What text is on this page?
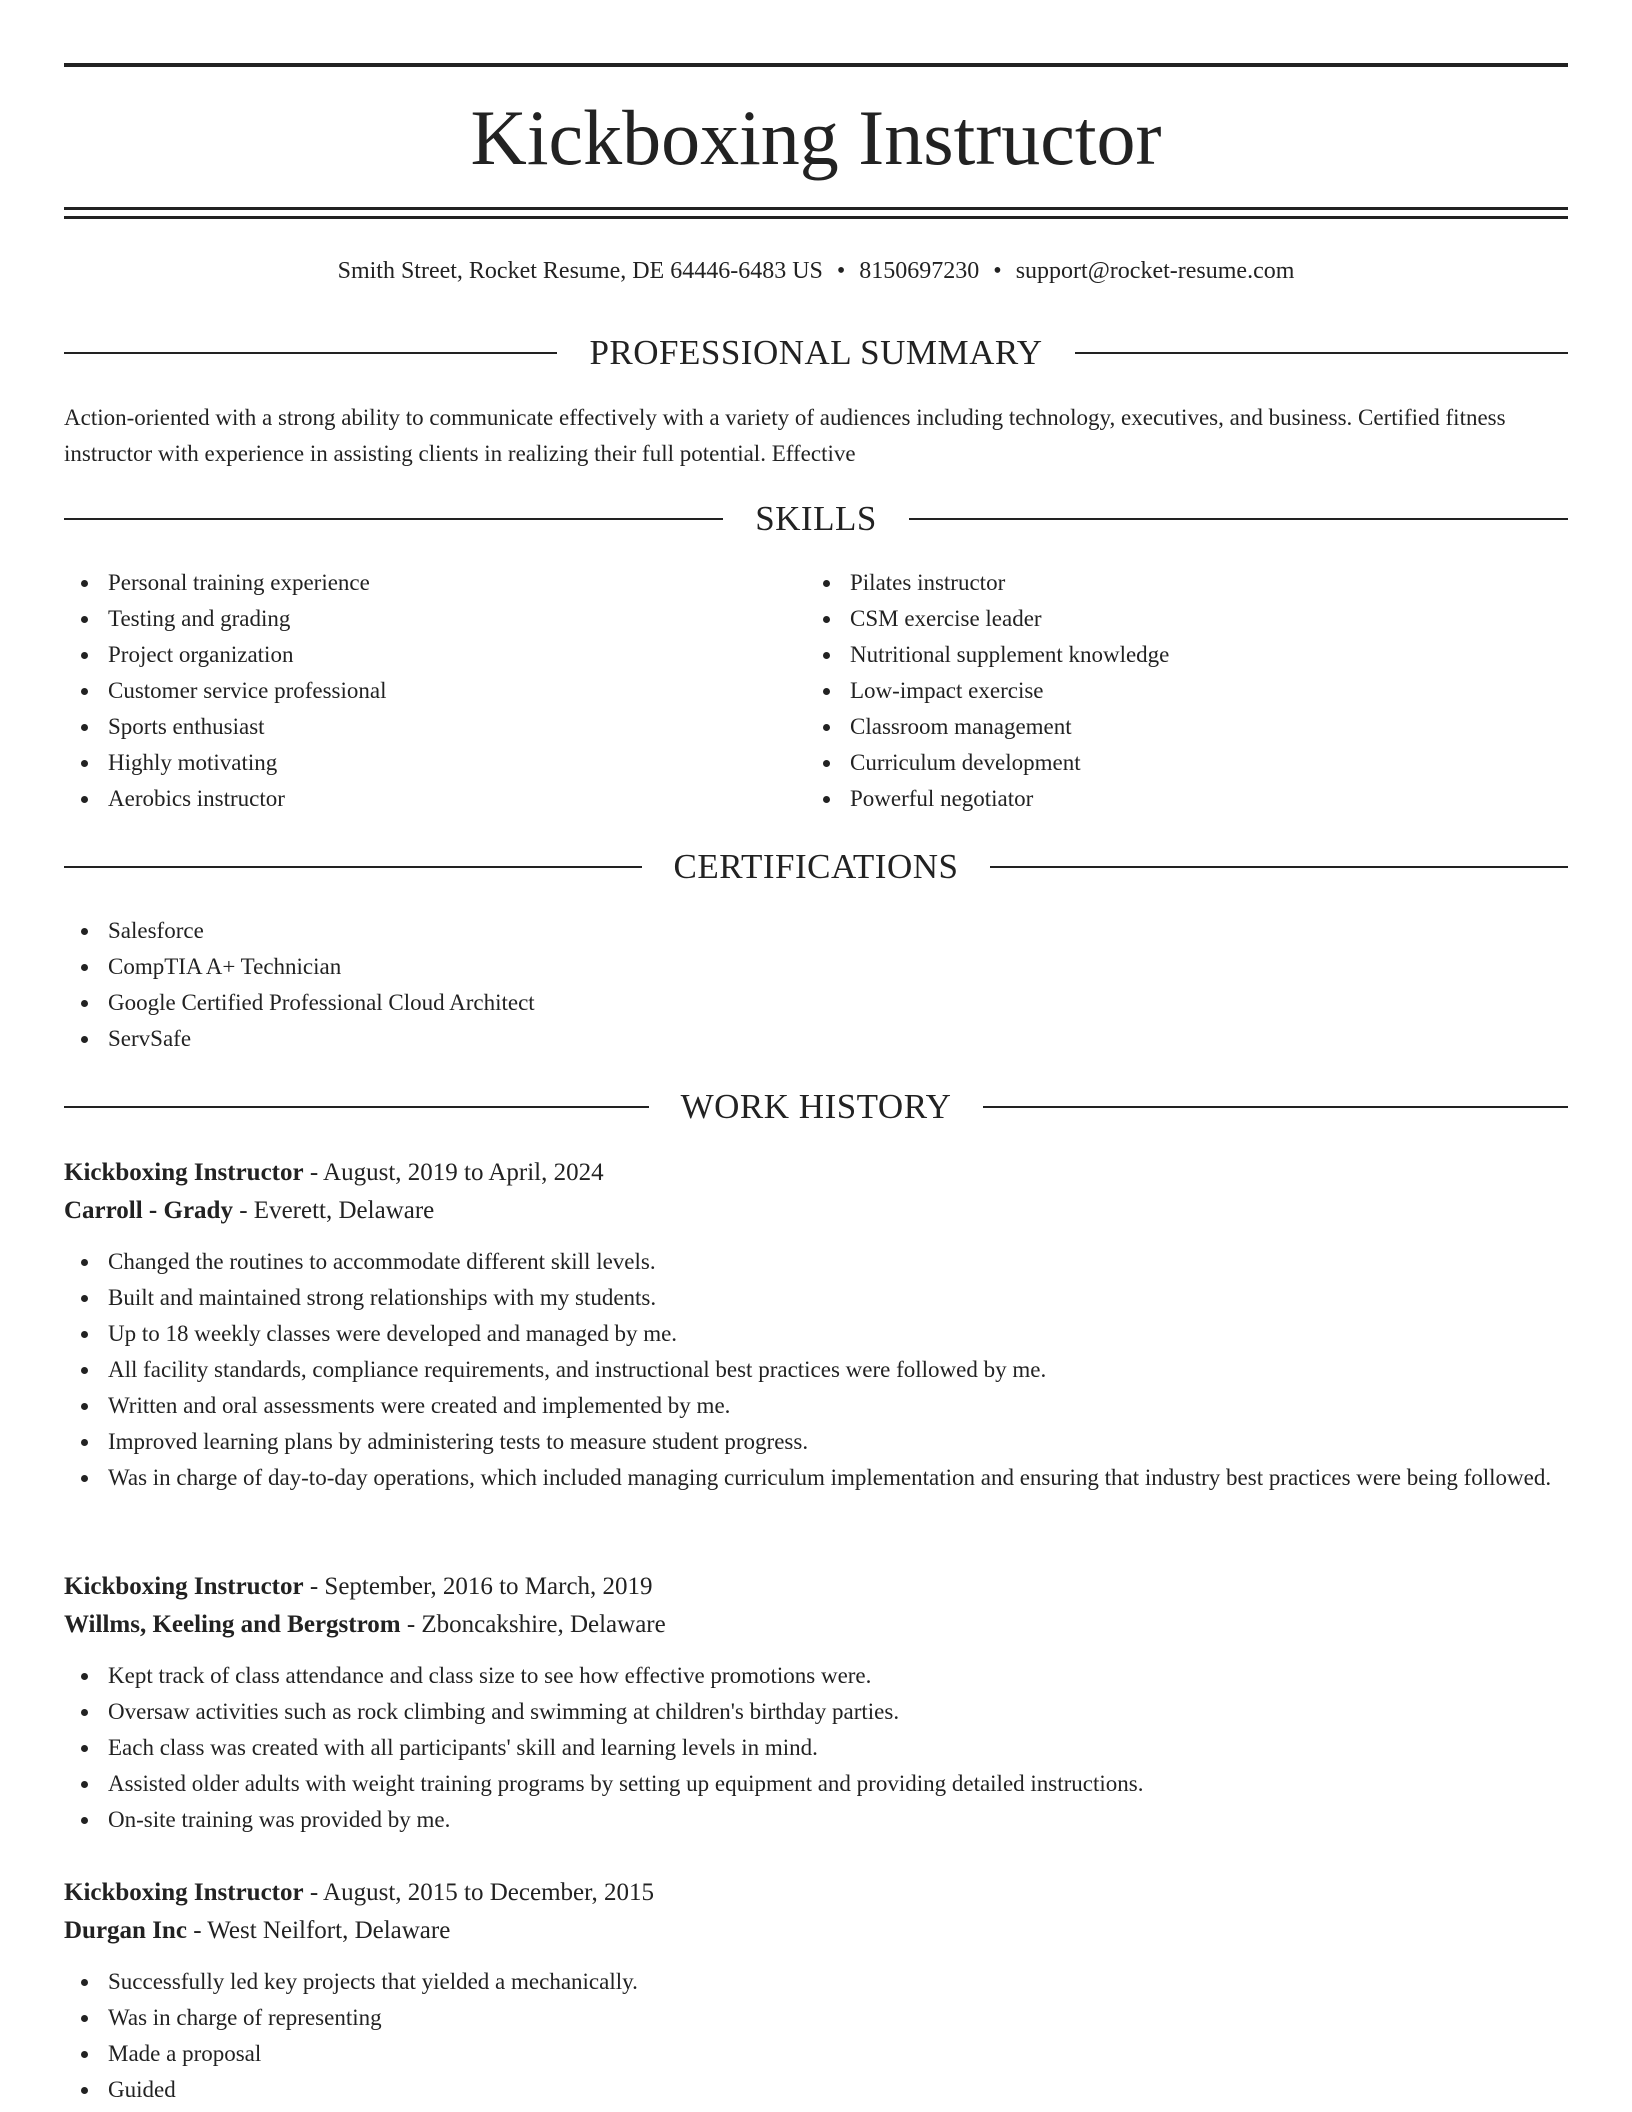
Kickboxing Instructor
Smith Street, Rocket Resume, DE 64446-6483 US • 8150697230 • support@rocket-resume.com
PROFESSIONAL SUMMARY

Action-oriented with a strong ability to communicate effectively with a variety of audiences including technology, executives, and business. Certified fitness instructor with experience in assisting clients in realizing their full potential. Effective

SKILLS
Personal training experience
Testing and grading
Project organization
Customer service professional
Sports enthusiast
Highly motivating
Aerobics instructor
Pilates instructor
CSM exercise leader
Nutritional supplement knowledge
Low-impact exercise
Classroom management
Curriculum development
Powerful negotiator
CERTIFICATIONS
Salesforce
CompTIA A+ Technician
Google Certified Professional Cloud Architect
ServSafe
WORK HISTORY
Kickboxing Instructor - August, 2019 to April, 2024
Carroll - Grady - Everett, Delaware
Changed the routines to accommodate different skill levels.
Built and maintained strong relationships with my students.
Up to 18 weekly classes were developed and managed by me.
All facility standards, compliance requirements, and instructional best practices were followed by me.
Written and oral assessments were created and implemented by me.
Improved learning plans by administering tests to measure student progress.
Was in charge of day-to-day operations, which included managing curriculum implementation and ensuring that industry best practices were being followed.
Kickboxing Instructor - September, 2016 to March, 2019
Willms, Keeling and Bergstrom - Zboncakshire, Delaware
Kept track of class attendance and class size to see how effective promotions were.
Oversaw activities such as rock climbing and swimming at children's birthday parties.
Each class was created with all participants' skill and learning levels in mind.
Assisted older adults with weight training programs by setting up equipment and providing detailed instructions.
On-site training was provided by me.
Kickboxing Instructor - August, 2015 to December, 2015
Durgan Inc - West Neilfort, Delaware
Successfully led key projects that yielded a mechanically.
Was in charge of representing
Made a proposal
Guided
